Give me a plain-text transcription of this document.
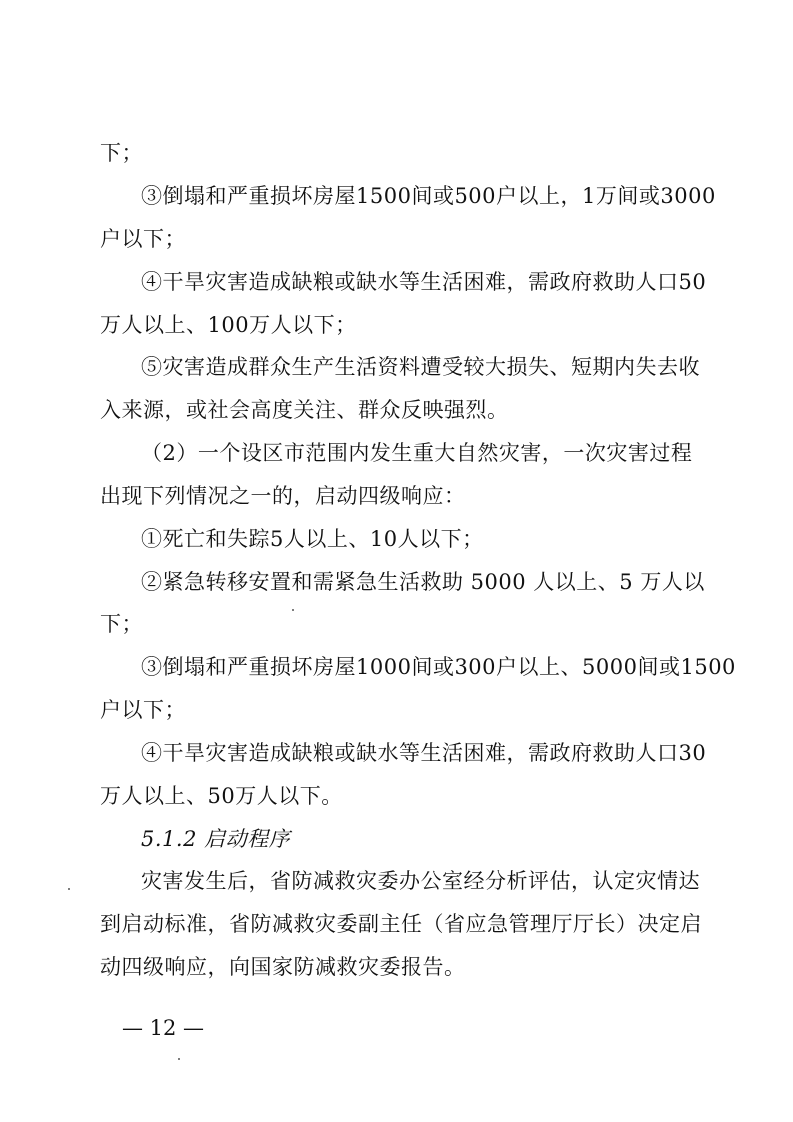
下；
③倒塌和严重损坏房屋1500间或500户以上，1万间或3000
户以下；
④干旱灾害造成缺粮或缺水等生活困难，需政府救助人口50
万人以上、100万人以下；
⑤灾害造成群众生产生活资料遭受较大损失、短期内失去收
入来源，或社会高度关注、群众反映强烈。
（2）一个设区市范围内发生重大自然灾害，一次灾害过程
出现下列情况之一的，启动四级响应：
①死亡和失踪5人以上、10人以下；
②紧急转移安置和需紧急生活救助 5000 人以上、5 万人以
下；
③倒塌和严重损坏房屋1000间或300户以上、5000间或1500
户以下；
④干旱灾害造成缺粮或缺水等生活困难，需政府救助人口30
万人以上、50万人以下。
5.1.2 启动程序
灾害发生后，省防减救灾委办公室经分析评估，认定灾情达
到启动标准，省防减救灾委副主任（省应急管理厅厅长）决定启
动四级响应，向国家防减救灾委报告。
— 12 —
